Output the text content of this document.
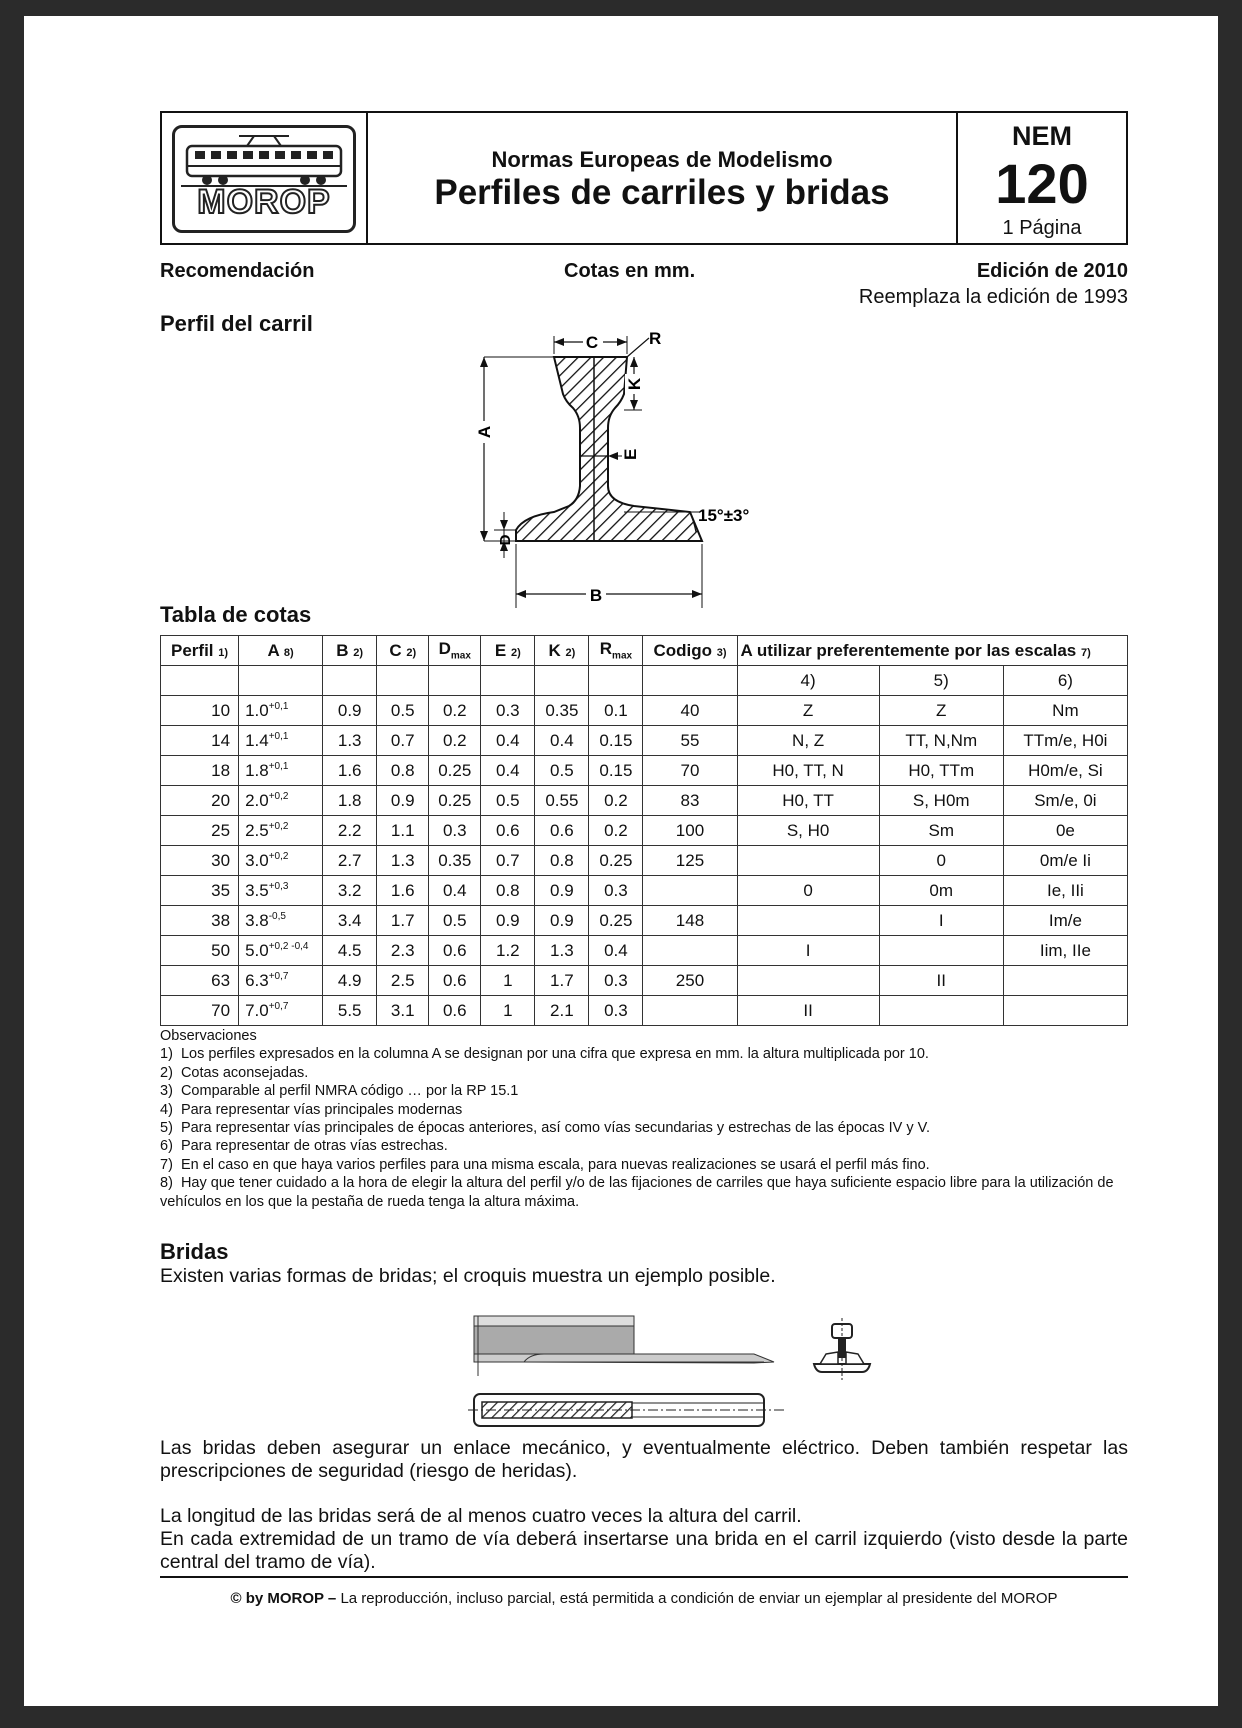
MOROP
Normas Europeas de Modelismo
Perfiles de carriles y bridas
NEM
120
1 Página
Recomendación	Cotas en mm.	Edición de 2010
Reemplaza la edición de 1993
Perfil del carril
A
C	R
K
E
15°±3°
D
B
Tabla de cotas
Perfil 1)	A 8)	B 2)	C 2)	$D_{max}$	E 2)	K 2)	$R_{max}$	Codigo 3)	A utilizar preferentemente por las escalas 7)		
									4)	5)	6)
10	$1.0^{+0,1}$	0.9	0.5	0.2	0.3	0.35	0.1	40	Z	Z	Nm
14	$1.4^{+0,1}$	1.3	0.7	0.2	0.4	0.4	0.15	55	N, Z	TT, N,Nm	TTm/e, H0i
18	$1.8^{+0,1}$	1.6	0.8	0.25	0.4	0.5	0.15	70	H0, TT, N	H0, TTm	H0m/e, Si
20	$2.0^{+0,2}$	1.8	0.9	0.25	0.5	0.55	0.2	83	H0, TT	S, H0m	Sm/e, 0i
25	$2.5^{+0,2}$	2.2	1.1	0.3	0.6	0.6	0.2	100	S, H0	Sm	0e
30	$3.0^{+0,2}$	2.7	1.3	0.35	0.7	0.8	0.25	125		0	0m/e Ii
35	$3.5^{+0,3}$	3.2	1.6	0.4	0.8	0.9	0.3		0	0m	Ie, IIi
38	$3.8^{-0,5}$	3.4	1.7	0.5	0.9	0.9	0.25	148		I	Im/e
50	$5.0^{+0,2 -0,4}$	4.5	2.3	0.6	1.2	1.3	0.4		I		Iim, IIe
63	$6.3^{+0,7}$	4.9	2.5	0.6	1	1.7	0.3	250		II	
70	$7.0^{+0,7}$	5.5	3.1	0.6	1	2.1	0.3		II		
Observaciones
1)  Los perfiles expresados en la columna A se designan por una cifra que expresa en mm. la altura multiplicada por 10.
2)  Cotas aconsejadas.
3)  Comparable al perfil NMRA código … por la RP 15.1
4)  Para representar vías principales modernas
5)  Para representar vías principales de épocas anteriores, así como vías secundarias y estrechas de las épocas IV y V.
6)  Para representar de otras vías estrechas.
7)  En el caso en que haya varios perfiles para una misma escala, para nuevas realizaciones se usará el perfil más fino.
8)  Hay que tener cuidado a la hora de elegir la altura del perfil y/o de las fijaciones de carriles que haya suficiente espacio libre para la utilización de vehículos en los que la pestaña de rueda tenga la altura máxima.
Bridas
Existen varias formas de bridas; el croquis muestra un ejemplo posible.
Las bridas deben asegurar un enlace mecánico, y eventualmente eléctrico. Deben también respetar las prescripciones de seguridad (riesgo de heridas).
La longitud de las bridas será de al menos cuatro veces la altura del carril.
En cada extremidad de un tramo de vía deberá insertarse una brida en el carril izquierdo (visto desde la parte central del tramo de vía).
© by MOROP – La reproducción, incluso parcial, está permitida a condición de enviar un ejemplar al presidente del MOROP
